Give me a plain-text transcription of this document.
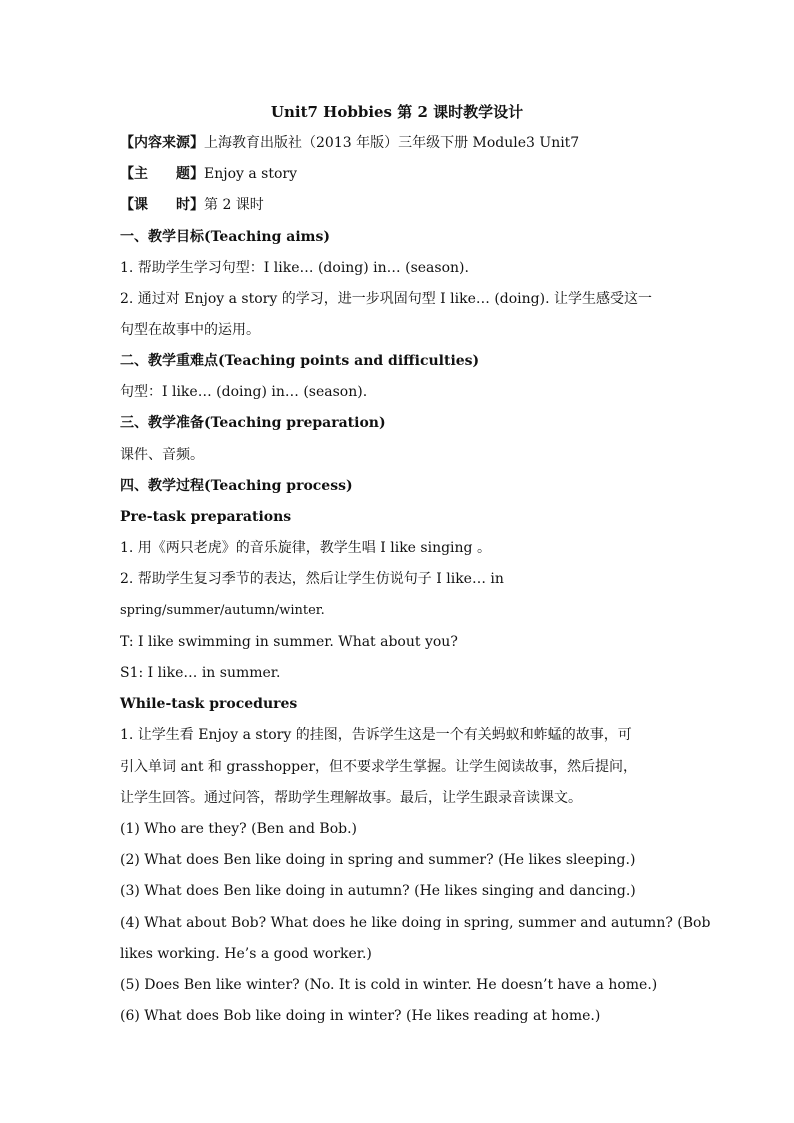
Unit7 Hobbies 第 2 课时教学设计
【内容来源】上海教育出版社（2013 年版）三年级下册 Module3 Unit7
【主　　题】Enjoy a story
【课　　时】第 2 课时
一、教学目标(Teaching aims)
1. 帮助学生学习句型：I like… (doing) in… (season).
2. 通过对 Enjoy a story 的学习，进一步巩固句型 I like… (doing). 让学生感受这一
句型在故事中的运用。
二、教学重难点(Teaching points and difficulties)
句型：I like… (doing) in… (season).
三、教学准备(Teaching preparation)
课件、音频。
四、教学过程(Teaching process)
Pre-task preparations
1. 用《两只老虎》的音乐旋律，教学生唱 I like singing 。
2. 帮助学生复习季节的表达，然后让学生仿说句子 I like… in
spring/summer/autumn/winter.
T: I like swimming in summer. What about you?
S1: I like… in summer.
While-task procedures
1. 让学生看 Enjoy a story 的挂图，告诉学生这是一个有关蚂蚁和蚱蜢的故事，可
引入单词 ant 和 grasshopper，但不要求学生掌握。让学生阅读故事，然后提问，
让学生回答。通过问答，帮助学生理解故事。最后，让学生跟录音读课文。
(1) Who are they? (Ben and Bob.)
(2) What does Ben like doing in spring and summer? (He likes sleeping.)
(3) What does Ben like doing in autumn? (He likes singing and dancing.)
(4) What about Bob? What does he like doing in spring, summer and autumn? (Bob
likes working. He’s a good worker.)
(5) Does Ben like winter? (No. It is cold in winter. He doesn’t have a home.)
(6) What does Bob like doing in winter? (He likes reading at home.)
